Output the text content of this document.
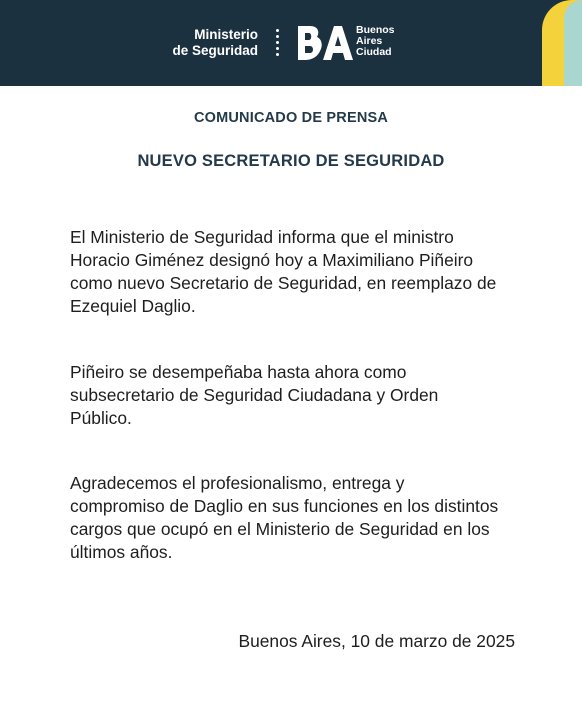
Ministerio
de Seguridad
Buenos
Aires
Ciudad
COMUNICADO DE PRENSA
NUEVO SECRETARIO DE SEGURIDAD
El Ministerio de Seguridad informa que el ministro
Horacio Giménez designó hoy a Maximiliano Piñeiro
como nuevo Secretario de Seguridad, en reemplazo de
Ezequiel Daglio.
Piñeiro se desempeñaba hasta ahora como
subsecretario de Seguridad Ciudadana y Orden
Público.
Agradecemos el profesionalismo, entrega y
compromiso de Daglio en sus funciones en los distintos
cargos que ocupó en el Ministerio de Seguridad en los
últimos años.
Buenos Aires, 10 de marzo de 2025
